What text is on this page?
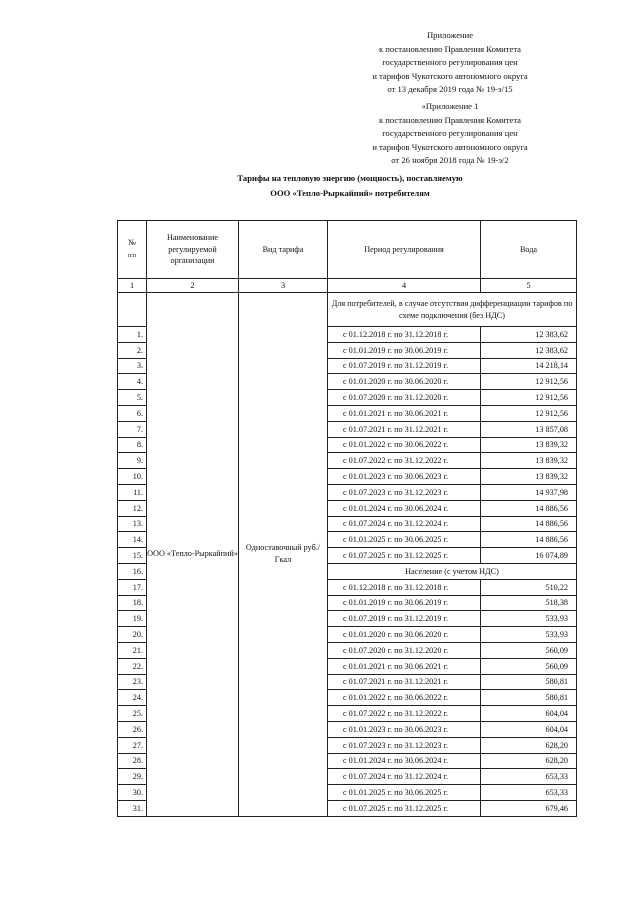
Приложение
к постановлению Правления Комитета
государственного регулирования цен
и тарифов Чукотского автономного округа
от 13 декабря 2019 года № 19-э/15
«Приложение 1
к постановлению Правления Комитета
государственного регулирования цен
и тарифов Чукотского автономного округа
от 26 ноября 2018 года № 19-э/2
Тарифы на тепловую энергию (мощность), поставляемую
ООО «Тепло-Рыркайпий» потребителям
№
п/п	Наименование регулируемой организации	Вид тарифа	Период регулирования	Вода
1	2	3	4	5
	ООО «Тепло-Рыркайпий»	Одноставочный руб./Гкал	Для потребителей, в случае отсутствия дифференциации тарифов по схеме подключения (без НДС)	
1.			с 01.12.2018 г. по 31.12.2018 г.	12 383,62
2.			с 01.01.2019 г. по 30.06.2019 г.	12 383,62
3.			с 01.07.2019 г. по 31.12.2019 г.	14 218,14
4.			с 01.01.2020 г. по 30.06.2020 г.	12 912,56
5.			с 01.07.2020 г. по 31.12.2020 г.	12 912,56
6.			с 01.01.2021 г. по 30.06.2021 г.	12 912,56
7.			с 01.07.2021 г. по 31.12.2021 г.	13 857,08
8.			с 01.01.2022 г. по 30.06.2022 г.	13 839,32
9.			с 01.07.2022 г. по 31.12.2022 г.	13 839,32
10.			с 01.01.2023 г. по 30.06.2023 г.	13 839,32
11.			с 01.07.2023 г. по 31.12.2023 г.	14 937,98
12.			с 01.01.2024 г. по 30.06.2024 г.	14 886,56
13.			с 01.07.2024 г. по 31.12.2024 г.	14 886,56
14.			с 01.01.2025 г. по 30.06.2025 г.	14 886,56
15.			с 01.07.2025 г. по 31.12.2025 г.	16 074,89
16.			Население (с учетом НДС)	
17.			с 01.12.2018 г. по 31.12.2018 г.	510,22
18.			с 01.01.2019 г. по 30.06.2019 г.	518,38
19.			с 01.07.2019 г. по 31.12.2019 г.	533,93
20.			с 01.01.2020 г. по 30.06.2020 г.	533,93
21.			с 01.07.2020 г. по 31.12.2020 г.	560,09
22.			с 01.01.2021 г. по 30.06.2021 г.	560,09
23.			с 01.07.2021 г. по 31.12.2021 г.	580,81
24.			с 01.01.2022 г. по 30.06.2022 г.	580,81
25.			с 01.07.2022 г. по 31.12.2022 г.	604,04
26.			с 01.01.2023 г. по 30.06.2023 г.	604,04
27.			с 01.07.2023 г. по 31.12.2023 г.	628,20
28.			с 01.01.2024 г. по 30.06.2024 г.	628,20
29.			с 01.07.2024 г. по 31.12.2024 г.	653,33
30.			с 01.01.2025 г. по 30.06.2025 г.	653,33
31.			с 01.07.2025 г. по 31.12.2025 г.	679,46
